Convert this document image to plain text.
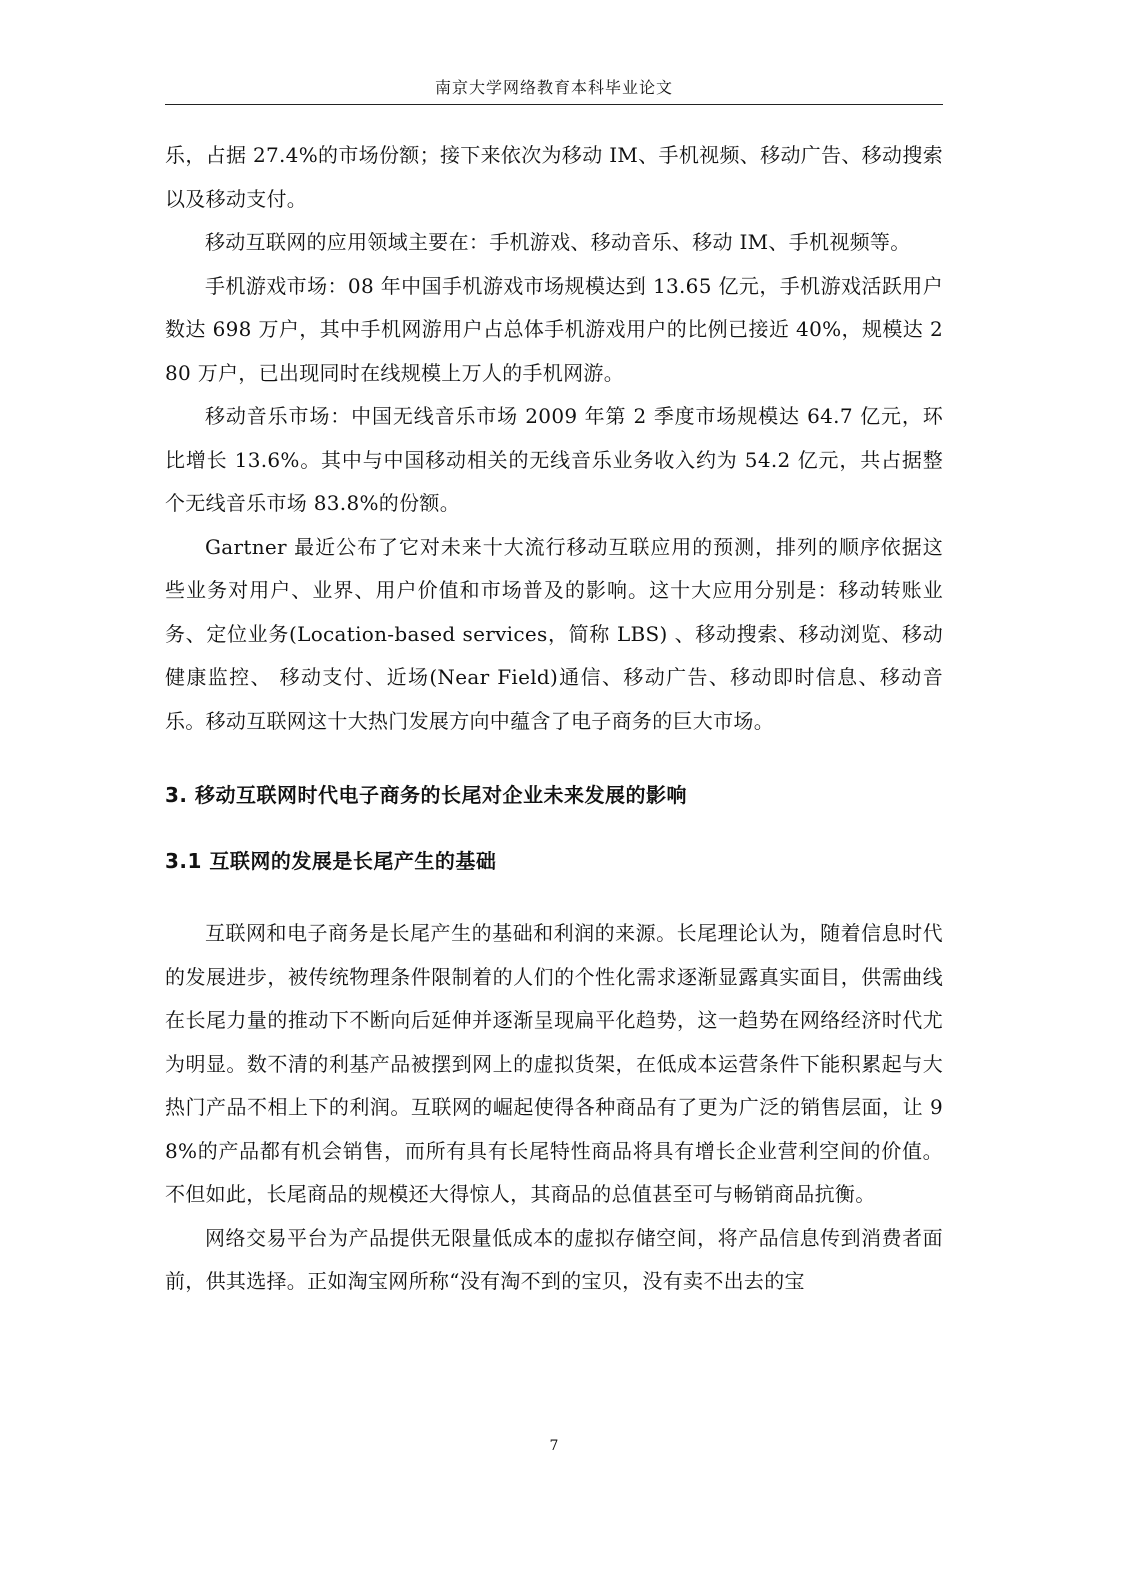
南京大学网络教育本科毕业论文

乐，占据 27.4%的市场份额；接下来依次为移动 IM、手机视频、移动广告、移动搜索以及移动支付。

移动互联网的应用领域主要在：手机游戏、移动音乐、移动 IM、手机视频等。

手机游戏市场：08 年中国手机游戏市场规模达到 13.65 亿元，手机游戏活跃用户数达 698 万户，其中手机网游用户占总体手机游戏用户的比例已接近 40%，规模达 280 万户，已出现同时在线规模上万人的手机网游。

移动音乐市场：中国无线音乐市场 2009 年第 2 季度市场规模达 64.7 亿元，环比增长 13.6%。其中与中国移动相关的无线音乐业务收入约为 54.2 亿元，共占据整个无线音乐市场 83.8%的份额。

Gartner 最近公布了它对未来十大流行移动互联应用的预测，排列的顺序依据这些业务对用户、业界、用户价值和市场普及的影响。这十大应用分别是：移动转账业务、定位业务(Location-based services，简称 LBS) 、移动搜索、移动浏览、移动健康监控、 移动支付、近场(Near Field)通信、移动广告、移动即时信息、移动音乐。移动互联网这十大热门发展方向中蕴含了电子商务的巨大市场。

3. 移动互联网时代电子商务的长尾对企业未来发展的影响
3.1 互联网的发展是长尾产生的基础

互联网和电子商务是长尾产生的基础和利润的来源。长尾理论认为，随着信息时代的发展进步，被传统物理条件限制着的人们的个性化需求逐渐显露真实面目，供需曲线在长尾力量的推动下不断向后延伸并逐渐呈现扁平化趋势，这一趋势在网络经济时代尤为明显。数不清的利基产品被摆到网上的虚拟货架，在低成本运营条件下能积累起与大热门产品不相上下的利润。互联网的崛起使得各种商品有了更为广泛的销售层面，让 98%的产品都有机会销售，而所有具有长尾特性商品将具有增长企业营利空间的价值。不但如此，长尾商品的规模还大得惊人，其商品的总值甚至可与畅销商品抗衡。

网络交易平台为产品提供无限量低成本的虚拟存储空间，将产品信息传到消费者面前，供其选择。正如淘宝网所称“没有淘不到的宝贝，没有卖不出去的宝

7
